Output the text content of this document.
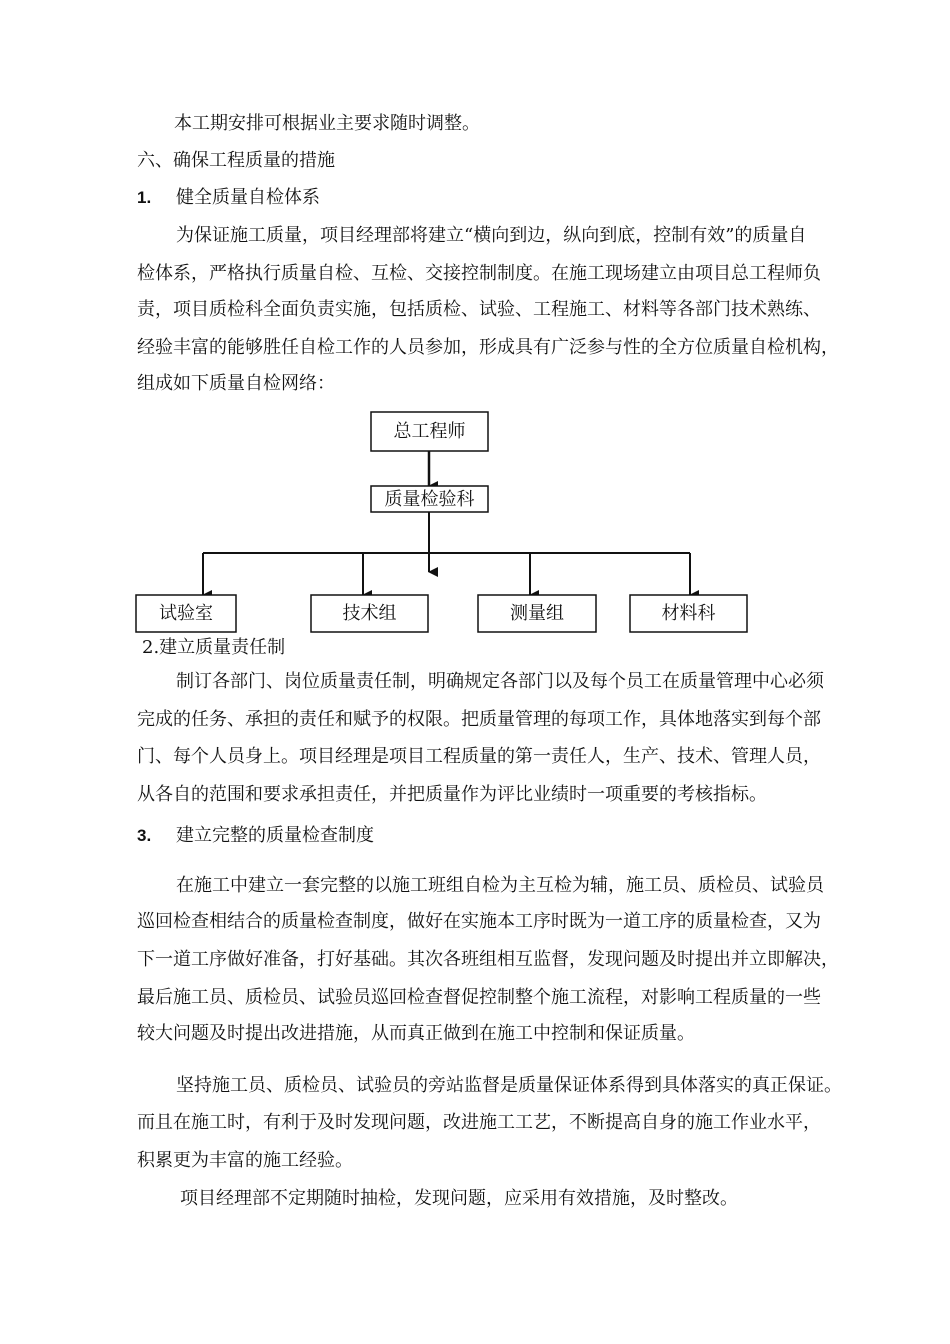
本工期安排可根据业主要求随时调整。
六、确保工程质量的措施
1. 健全质量自检体系
为保证施工质量，项目经理部将建立“横向到边，纵向到底，控制有效”的质量自
检体系，严格执行质量自检、互检、交接控制制度。在施工现场建立由项目总工程师负
责，项目质检科全面负责实施，包括质检、试验、工程施工、材料等各部门技术熟练、
经验丰富的能够胜任自检工作的人员参加，形成具有广泛参与性的全方位质量自检机构，
组成如下质量自检网络：
总工程师
质量检验科
试验室	技术组	测量组	材料科
2.建立质量责任制
制订各部门、岗位质量责任制，明确规定各部门以及每个员工在质量管理中心必须
完成的任务、承担的责任和赋予的权限。把质量管理的每项工作，具体地落实到每个部
门、每个人员身上。项目经理是项目工程质量的第一责任人，生产、技术、管理人员，
从各自的范围和要求承担责任，并把质量作为评比业绩时一项重要的考核指标。
3. 建立完整的质量检查制度
在施工中建立一套完整的以施工班组自检为主互检为辅，施工员、质检员、试验员
巡回检查相结合的质量检查制度，做好在实施本工序时既为一道工序的质量检查，又为
下一道工序做好准备，打好基础。其次各班组相互监督，发现问题及时提出并立即解决，
最后施工员、质检员、试验员巡回检查督促控制整个施工流程，对影响工程质量的一些
较大问题及时提出改进措施，从而真正做到在施工中控制和保证质量。
坚持施工员、质检员、试验员的旁站监督是质量保证体系得到具体落实的真正保证。
而且在施工时，有利于及时发现问题，改进施工工艺，不断提高自身的施工作业水平，
积累更为丰富的施工经验。
项目经理部不定期随时抽检，发现问题，应采用有效措施，及时整改。
